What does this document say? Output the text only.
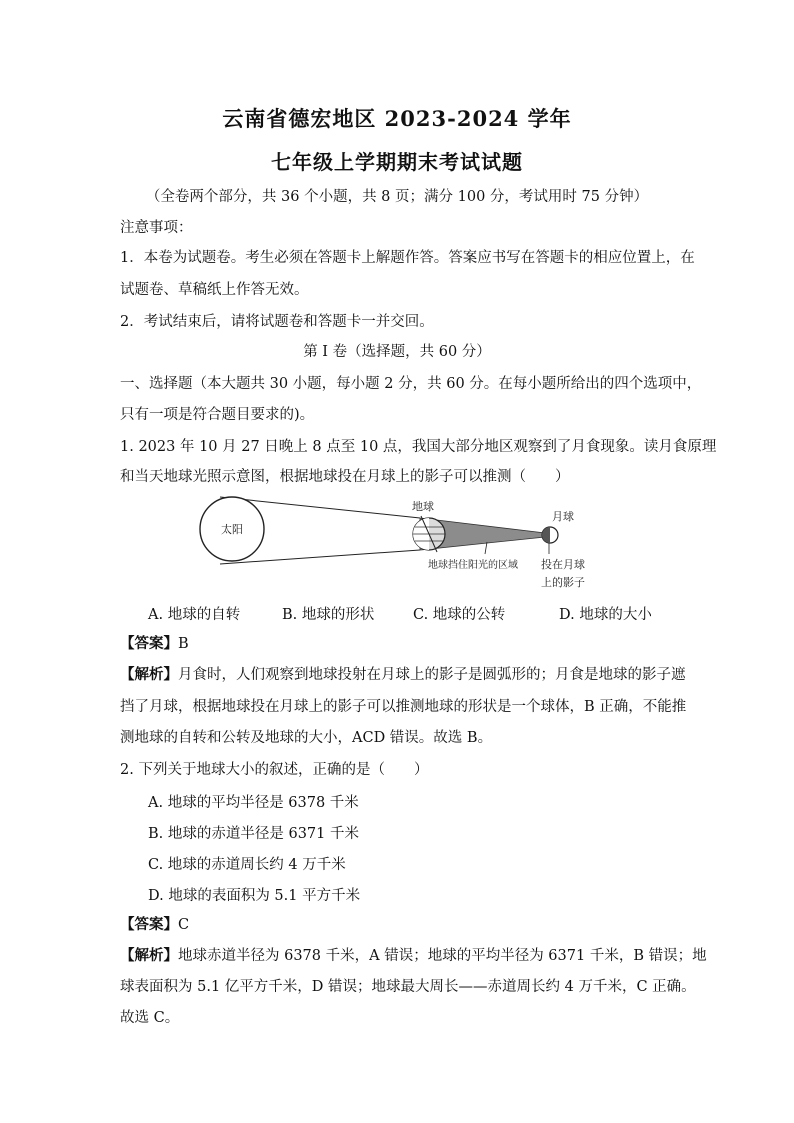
云南省德宏地区 2023-2024 学年
七年级上学期期末考试试题
（全卷两个部分，共 36 个小题，共 8 页；满分 100 分，考试用时 75 分钟）
注意事项：
1．本卷为试题卷。考生必须在答题卡上解题作答。答案应书写在答题卡的相应位置上，在
试题卷、草稿纸上作答无效。
2．考试结束后，请将试题卷和答题卡一并交回。
第 I 卷（选择题，共 60 分）
一、选择题（本大题共 30 小题，每小题 2 分，共 60 分。在每小题所给出的四个选项中，
只有一项是符合题目要求的)。
1. 2023 年 10 月 27 日晚上 8 点至 10 点，我国大部分地区观察到了月食现象。读月食原理
和当天地球光照示意图，根据地球投在月球上的影子可以推测（　　）
太阳
地球
月球
地球挡住阳光的区域 投在月球
上的影子
A. 地球的自转	B. 地球的形状	C. 地球的公转	D. 地球的大小
【答案】B
【解析】月食时，人们观察到地球投射在月球上的影子是圆弧形的；月食是地球的影子遮
挡了月球，根据地球投在月球上的影子可以推测地球的形状是一个球体，B 正确，不能推
测地球的自转和公转及地球的大小，ACD 错误。故选 B。
2. 下列关于地球大小的叙述，正确的是（　　）
A. 地球的平均半径是 6378 千米
B. 地球的赤道半径是 6371 千米
C. 地球的赤道周长约 4 万千米
D. 地球的表面积为 5.1 平方千米
【答案】C
【解析】地球赤道半径为 6378 千米，A 错误；地球的平均半径为 6371 千米，B 错误；地
球表面积为 5.1 亿平方千米，D 错误；地球最大周长——赤道周长约 4 万千米，C 正确。
故选 C。
